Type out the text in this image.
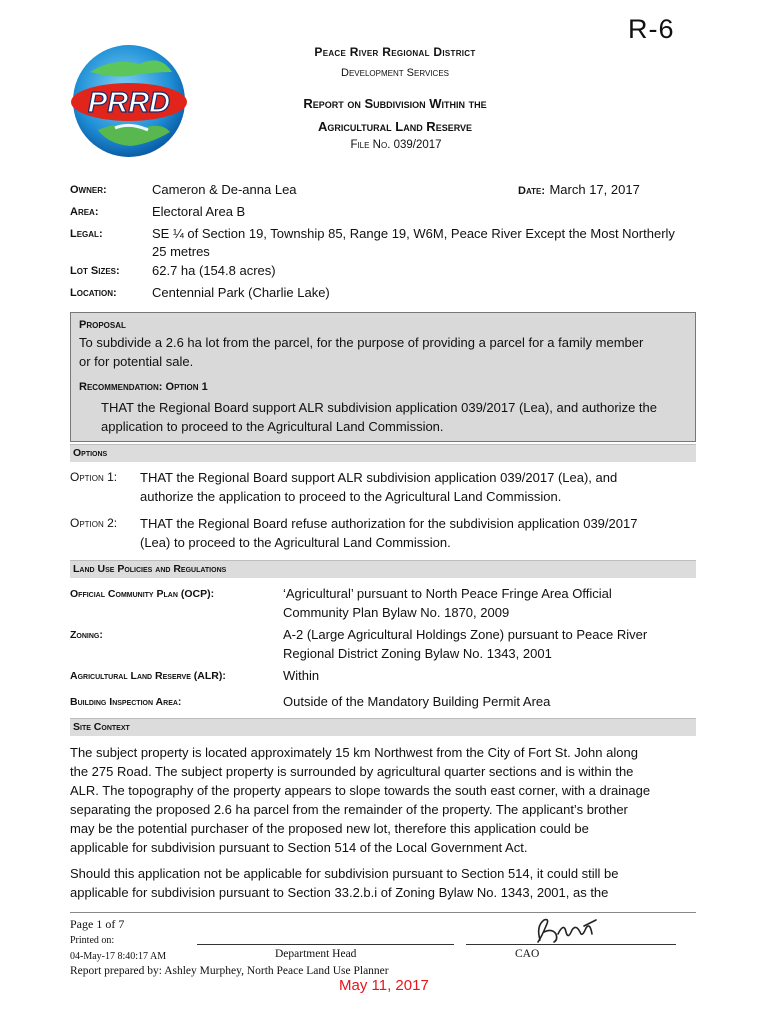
R-6
PRRD
Peace River Regional District
Development Services
Report on Subdivision Within the
Agricultural Land Reserve
File No. 039/2017
Owner:	Cameron & De-anna Lea	Date: March 17, 2017
Area:	Electoral Area B
Legal:	SE ¼ of Section 19, Township 85, Range 19, W6M, Peace River Except the Most Northerly
25 metres
Lot Sizes: 62.7 ha (154.8 acres)
Location:	Centennial Park (Charlie Lake)
Proposal
To subdivide a 2.6 ha lot from the parcel, for the purpose of providing a parcel for a family member
or for potential sale.
Recommendation: Option 1
THAT the Regional Board support ALR subdivision application 039/2017 (Lea), and authorize the
application to proceed to the Agricultural Land Commission.
Options
Option 1: THAT the Regional Board support ALR subdivision application 039/2017 (Lea), and
authorize the application to proceed to the Agricultural Land Commission.
Option 2: THAT the Regional Board refuse authorization for the subdivision application 039/2017
(Lea) to proceed to the Agricultural Land Commission.
Land Use Policies and Regulations
Official Community Plan (OCP):	‘Agricultural’ pursuant to North Peace Fringe Area Official
Community Plan Bylaw No. 1870, 2009
Zoning:	A-2 (Large Agricultural Holdings Zone) pursuant to Peace River
Regional District Zoning Bylaw No. 1343, 2001
Agricultural Land Reserve (ALR):	Within
Building Inspection Area:	Outside of the Mandatory Building Permit Area
Site Context
The subject property is located approximately 15 km Northwest from the City of Fort St. John along
the 275 Road. The subject property is surrounded by agricultural quarter sections and is within the
ALR. The topography of the property appears to slope towards the south east corner, with a drainage
separating the proposed 2.6 ha parcel from the remainder of the property. The applicant’s brother
may be the potential purchaser of the proposed new lot, therefore this application could be
applicable for subdivision pursuant to Section 514 of the Local Government Act.
Should this application not be applicable for subdivision pursuant to Section 514, it could still be
applicable for subdivision pursuant to Section 33.2.b.i of Zoning Bylaw No. 1343, 2001, as the
Page 1 of 7
Printed on:
04-May-17 8:40:17 AM
Report prepared by: Ashley Murphey, North Peace Land Use Planner
Department Head	CAO
May 11, 2017
